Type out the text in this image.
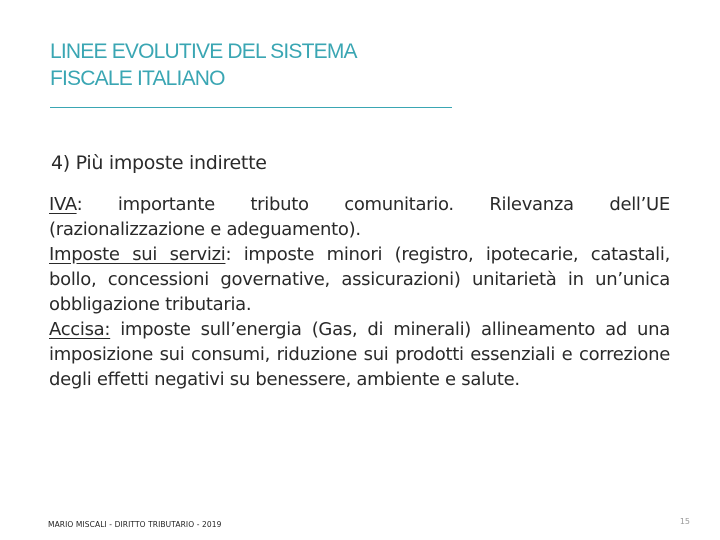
LINEE EVOLUTIVE DEL SISTEMA
FISCALE ITALIANO
4) Più imposte indirette

IVA: importante tributo comunitario. Rilevanza dell’UE (razionalizzazione e adeguamento).

Imposte sui servizi: imposte minori (registro, ipotecarie, catastali, bollo, concessioni governative, assicurazioni) unitarietà in un’unica obbligazione tributaria.

Accisa: imposte sull’energia (Gas, di minerali) allineamento ad una imposizione sui consumi, riduzione sui prodotti essenziali e correzione degli effetti negativi su benessere, ambiente e salute.

MARIO MISCALI - DIRITTO TRIBUTARIO - 2019	15
